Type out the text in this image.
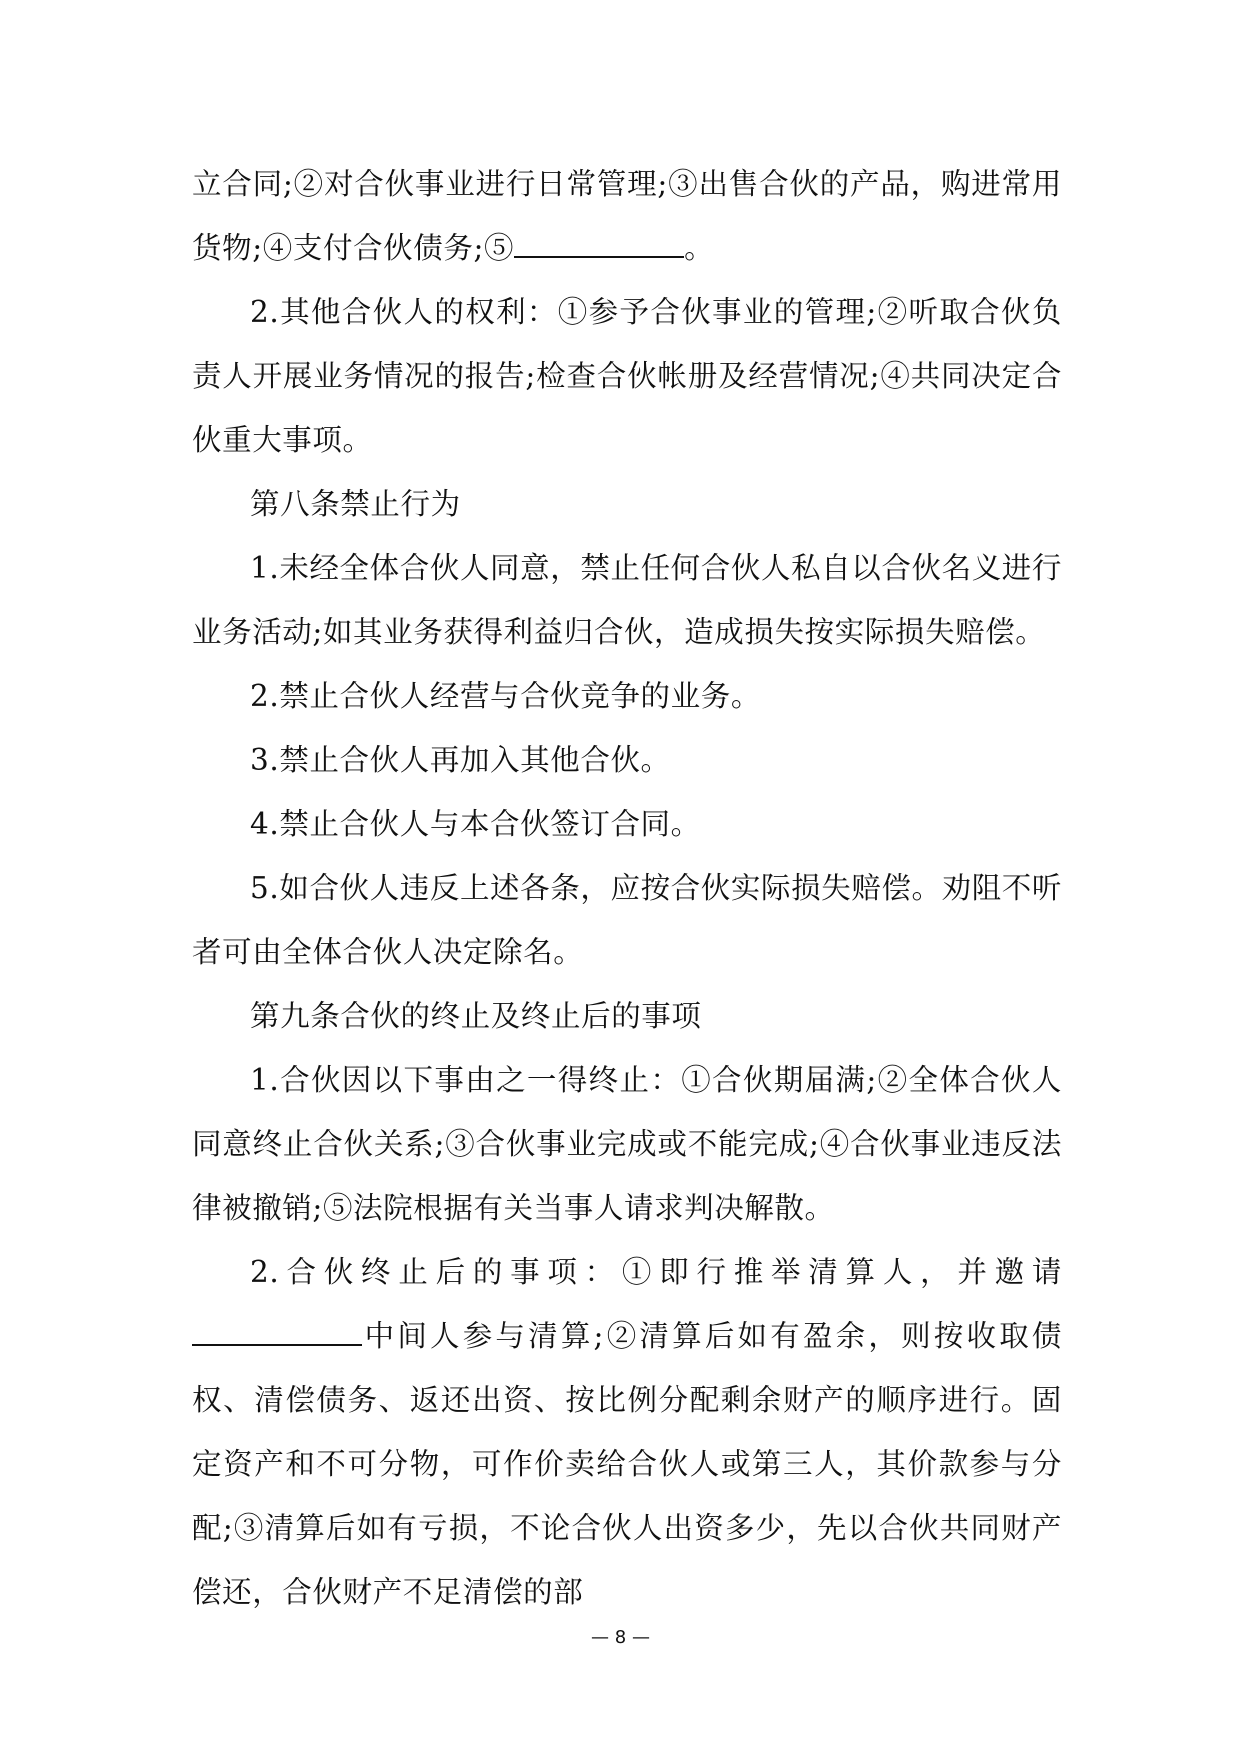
立合同;②对合伙事业进行日常管理;③出售合伙的产品，购进常用货物;④支付合伙债务;⑤	。

2.其他合伙人的权利：①参予合伙事业的管理;②听取合伙负责人开展业务情况的报告;检查合伙帐册及经营情况;④共同决定合伙重大事项。

第八条禁止行为

1.未经全体合伙人同意，禁止任何合伙人私自以合伙名义进行业务活动;如其业务获得利益归合伙，造成损失按实际损失赔偿。

2.禁止合伙人经营与合伙竞争的业务。

3.禁止合伙人再加入其他合伙。

4.禁止合伙人与本合伙签订合同。

5.如合伙人违反上述各条，应按合伙实际损失赔偿。劝阻不听者可由全体合伙人决定除名。

第九条合伙的终止及终止后的事项

1.合伙因以下事由之一得终止：①合伙期届满;②全体合伙人同意终止合伙关系;③合伙事业完成或不能完成;④合伙事业违反法律被撤销;⑤法院根据有关当事人请求判决解散。

2.合伙终止后的事项：①即行推举清算人，并邀请中间人参与清算;②清算后如有盈余，则按收取债权、清偿债务、返还出资、按比例分配剩余财产的顺序进行。固定资产和不可分物，可作价卖给合伙人或第三人，其价款参与分配;③清算后如有亏损，不论合伙人出资多少，先以合伙共同财产偿还，合伙财产不足清偿的部

— 8 —
